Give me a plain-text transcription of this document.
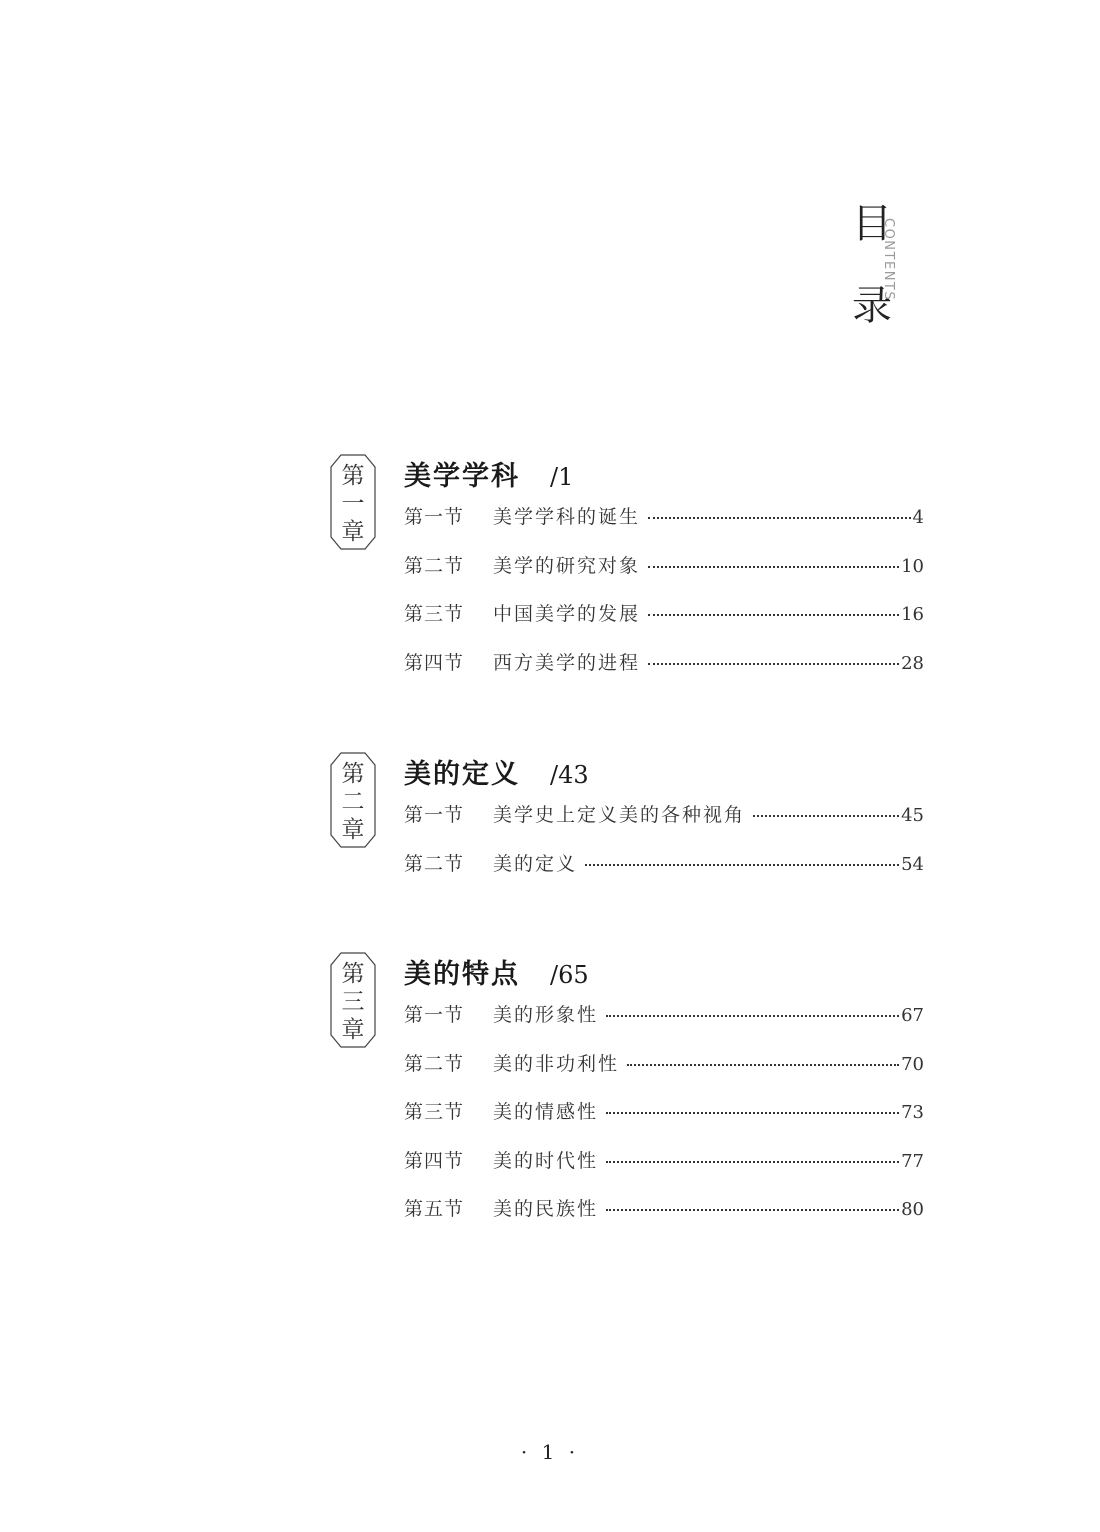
目
录
CONTENTS
第
一
章
美学学科 /1
第一节	美学学科的诞生	4
第二节	美学的研究对象	10
第三节	中国美学的发展	16
第四节	西方美学的进程	28
第
二
章
美的定义 /43
第一节	美学史上定义美的各种视角	45
第二节	美的定义	54
第
三
章
美的特点 /65
第一节	美的形象性	67
第二节	美的非功利性	70
第三节	美的情感性	73
第四节	美的时代性	77
第五节	美的民族性	80
· 1 ·
